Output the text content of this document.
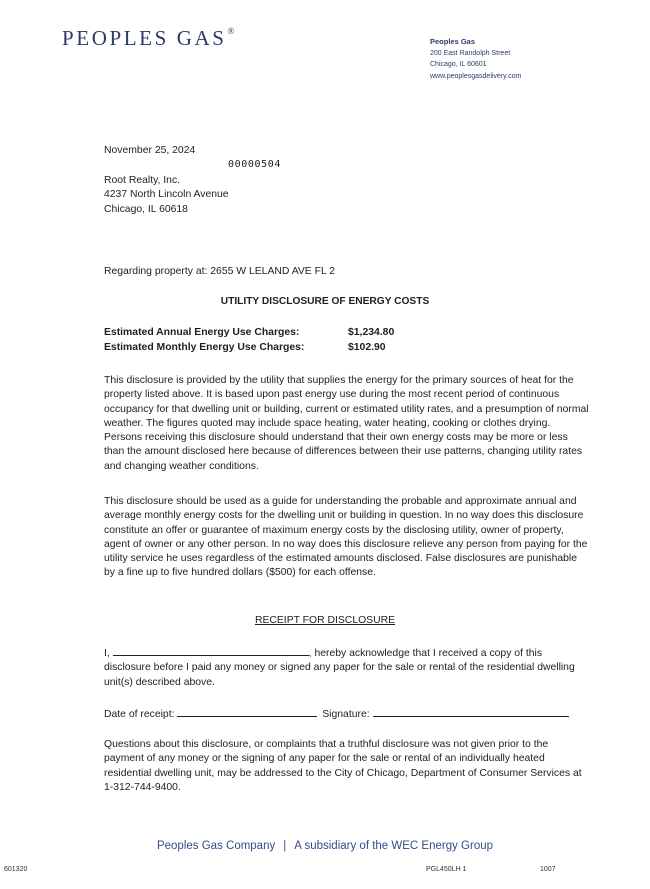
PEOPLES GAS®
Peoples Gas
200 East Randolph Street
Chicago, IL 60601
www.peoplesgasdelivery.com
November 25, 2024
00000504
Root Realty, Inc.
4237 North Lincoln Avenue
Chicago, IL 60618
Regarding property at: 2655 W LELAND AVE FL 2
UTILITY DISCLOSURE OF ENERGY COSTS
Estimated Annual Energy Use Charges:	$1,234.80
Estimated Monthly Energy Use Charges:	$102.90
This disclosure is provided by the utility that supplies the energy for the primary sources of heat for the property listed above. It is based upon past energy use during the most recent period of continuous occupancy for that dwelling unit or building, current or estimated utility rates, and a presumption of normal weather. The figures quoted may include space heating, water heating, cooking or clothes drying. Persons receiving this disclosure should understand that their own energy costs may be more or less than the amount disclosed here because of differences between their use patterns, changing utility rates and changing weather conditions.
This disclosure should be used as a guide for understanding the probable and approximate annual and average monthly energy costs for the dwelling unit or building in question. In no way does this disclosure constitute an offer or guarantee of maximum energy costs by the disclosing utility, owner of property, agent of owner or any other person. In no way does this disclosure relieve any person from paying for the utility service he uses regardless of the estimated amounts disclosed. False disclosures are punishable by a fine up to five hundred dollars ($500) for each offense.
RECEIPT FOR DISCLOSURE
I,	, hereby acknowledge that I received a copy of this disclosure before I paid any money or signed any paper for the sale or rental of the residential dwelling unit(s) described above.
Date of receipt:	Signature:
Questions about this disclosure, or complaints that a truthful disclosure was not given prior to the payment of any money or the signing of any paper for the sale or rental of an individually heated residential dwelling unit, may be addressed to the City of Chicago, Department of Consumer Services at 1-312-744-9400.
Peoples Gas Company | A subsidiary of the WEC Energy Group
601320	PGL450LH 1	1007
